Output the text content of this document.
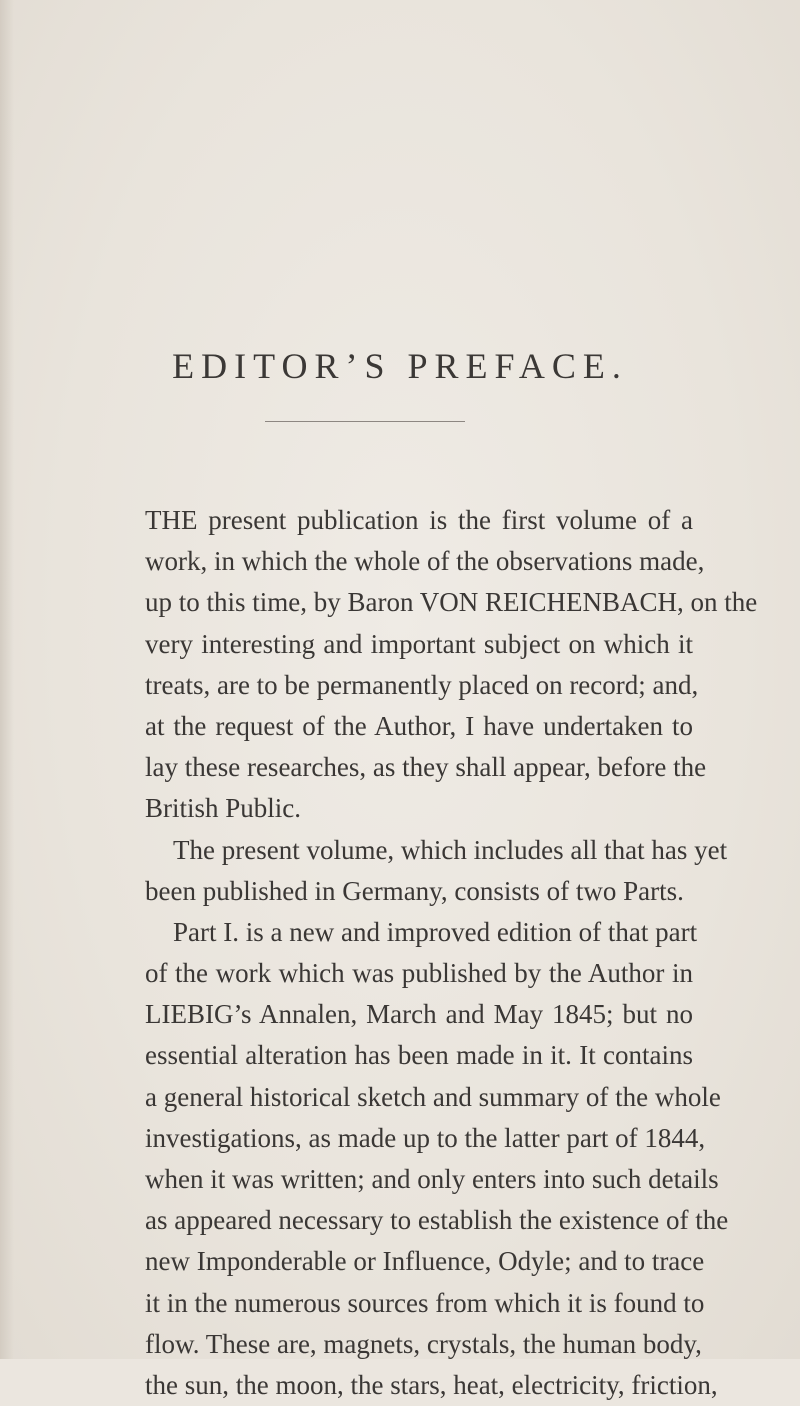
EDITOR’S PREFACE.
THE present publication is the first volume of a
work, in which the whole of the observations made,
up to this time, by Baron VON REICHENBACH, on the
very interesting and important subject on which it
treats, are to be permanently placed on record; and,
at the request of the Author, I have undertaken to
lay these researches, as they shall appear, before the
British Public.
The present volume, which includes all that has yet
been published in Germany, consists of two Parts.
Part I. is a new and improved edition of that part
of the work which was published by the Author in
LIEBIG’s Annalen, March and May 1845; but no
essential alteration has been made in it. It contains
a general historical sketch and summary of the whole
investigations, as made up to the latter part of 1844,
when it was written; and only enters into such details
as appeared necessary to establish the existence of the
new Imponderable or Influence, Odyle; and to trace
it in the numerous sources from which it is found to
flow. These are, magnets, crystals, the human body,
the sun, the moon, the stars, heat, electricity, friction,
